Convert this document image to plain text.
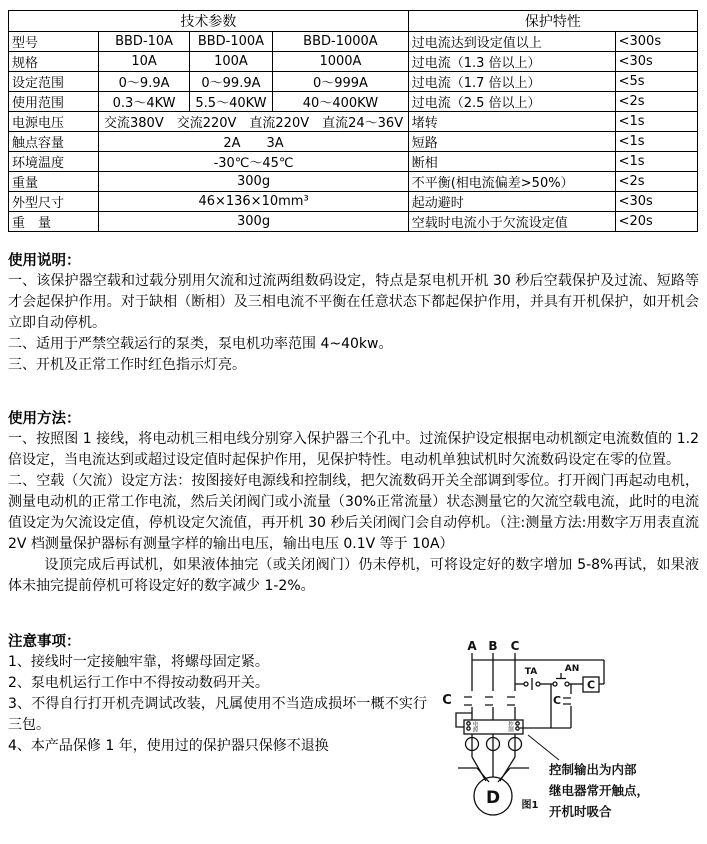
技术参数				保护特性	
型号	BBD-10A	BBD-100A	BBD-1000A	过电流达到设定值以上	<300s
规格	10A	100A	1000A	过电流（1.3 倍以上）	<30s
设定范围	0～9.9A	0～99.9A	0～999A	过电流（1.7 倍以上）	<5s
使用范围	0.3～4KW	5.5～40KW	40～400KW	过电流（2.5 倍以上）	<2s
电源电压	交流380V　交流220V　直流220V　直流24～36V			堵转	<1s
触点容量	2A　　3A			短路	<1s
环境温度	-30℃～45℃			断相	<1s
重量	300g			不平衡(相电流偏差>50%）	<2s
外型尺寸	46×136×10mm³			起动避时	<30s
重　量	300g			空载时电流小于欠流设定值	<20s

使用说明：

一、该保护器空载和过载分别用欠流和过流两组数码设定，特点是泵电机开机 30 秒后空载保护及过流、短路等才会起保护作用。对于缺相（断相）及三相电流不平衡在任意状态下都起保护作用，并具有开机保护，如开机会立即自动停机。

二、适用于严禁空载运行的泵类，泵电机功率范围 4~40kw。

三、开机及正常工作时红色指示灯亮。

使用方法：

一、按照图 1 接线，将电动机三相电线分别穿入保护器三个孔中。过流保护设定根据电动机额定电流数值的 1.2 倍设定，当电流达到或超过设定值时起保护作用，见保护特性。电动机单独试机时欠流数码设定在零的位置。

二、空载（欠流）设定方法：按图接好电源线和控制线，把欠流数码开关全部调到零位。打开阀门再起动电机，测量电动机的正常工作电流，然后关闭阀门或小流量（30%正常流量）状态测量它的欠流空载电流，此时的电流值设定为欠流设定值，停机设定欠流值，再开机 30 秒后关闭阀门会自动停机。（注:测量方法:用数字万用表直流 2V 档测量保护器标有测量字样的输出电压，输出电压 0.1V 等于 10A）

设顶完成后再试机，如果液体抽完（或关闭阀门）仍未停机，可将设定好的数字增加 5-8%再试，如果液体未抽完提前停机可将设定好的数字减少 1-2%。

注意事项：

1、接线时一定接触牢靠，将螺母固定紧。

2、泵电机运行工作中不得按动数码开关。

3、不得自行打开机壳调试改装，凡属使用不当造成损坏一概不实行三包。

4、本产品保修 1 年，使用过的保护器只保修不退换

A B C
C
TA	AN
C
C
D 图1
电源	控制
控制输出为内部
继电器常开触点，
开机时吸合
